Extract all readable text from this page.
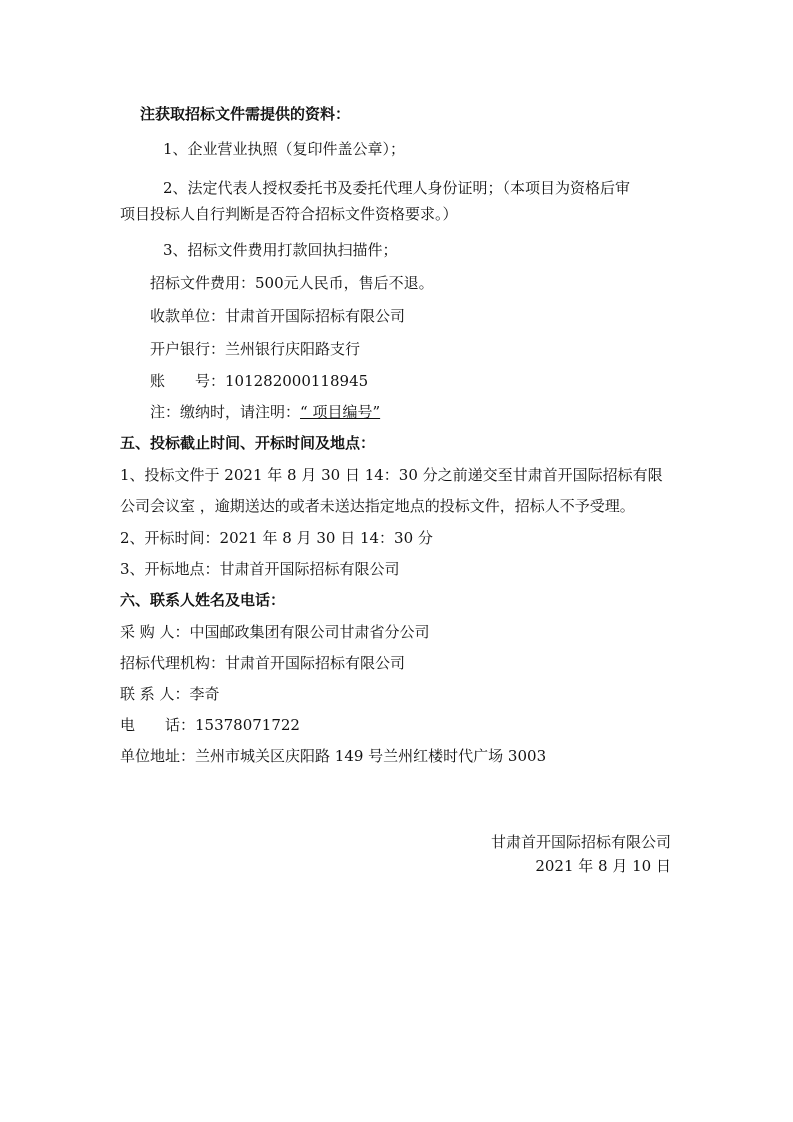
注获取招标文件需提供的资料：
1、企业营业执照（复印件盖公章）；
2、法定代表人授权委托书及委托代理人身份证明；（本项目为资格后审
项目投标人自行判断是否符合招标文件资格要求。）
3、招标文件费用打款回执扫描件；
招标文件费用：500元人民币，售后不退。
收款单位：甘肃首开国际招标有限公司
开户银行：兰州银行庆阳路支行
账　　号：101282000118945
注：缴纳时，请注明：“ 项目编号”
五、投标截止时间、开标时间及地点：
1、投标文件于 2021 年 8 月 30 日 14：30 分之前递交至甘肃首开国际招标有限
公司会议室 ，逾期送达的或者未送达指定地点的投标文件，招标人不予受理。
2、开标时间：2021 年 8 月 30 日 14：30 分
3、开标地点：甘肃首开国际招标有限公司
六、联系人姓名及电话：
采 购 人：中国邮政集团有限公司甘肃省分公司
招标代理机构：甘肃首开国际招标有限公司
联 系 人：李奇
电　　话：15378071722
单位地址：兰州市城关区庆阳路 149 号兰州红楼时代广场 3003
甘肃首开国际招标有限公司
2021 年 8 月 10 日
